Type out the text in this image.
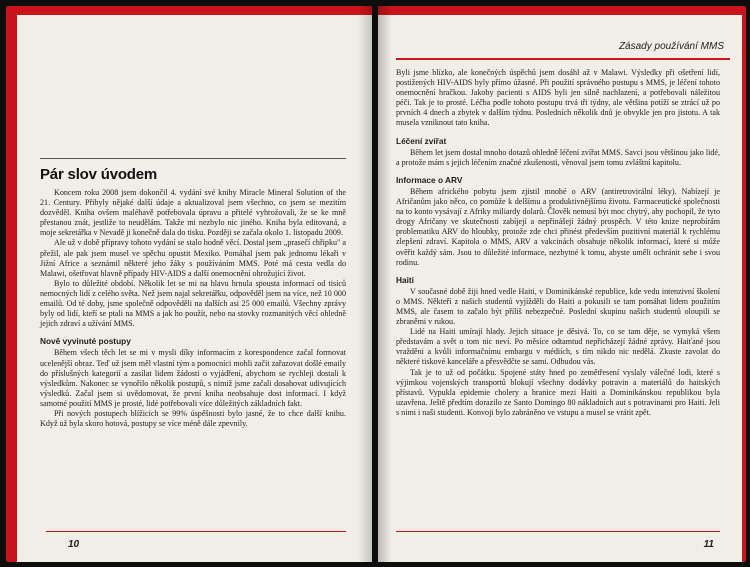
Pár slov úvodem

Koncem roku 2008 jsem dokončil 4. vydání své knihy Miracle Mineral Solution of the 21. Century. Přibyly nějaké další údaje a aktualizoval jsem všechno, co jsem se mezitím dozvěděl. Kniha ovšem maléhavě potřebovala úpravu a přitelé vyhrožovali, že se ke mně přestanou znát, jestliže to neudělám. Takže mi nezbylo nic jiného. Kniha byla editovaná, a moje sekretářka v Nevadě ji konečně dala do tisku. Později se začala okolo 1. listopadu 2009.

Ale už v době přípravy tohoto vydání se stalo hodně věcí. Dostal jsem „prasečí chřipku" a přežil, ale pak jsem musel ve spěchu opustit Mexiko. Pomáhal jsem pak jednomu lékaři v Jižní Africe a seznámil některé jeho žáky s používáním MMS. Poté má cesta vedla do Malawi, ošetřovat hlavně případy HIV-AIDS a další onemocnění ohrožující život.

Bylo to důležité období. Několik let se mi na hlavu hrnula spousta informací od tisíců nemocných lidí z celého světa. Než jsem najal sekretářku, odpověděl jsem na více, než 10 000 emailů. Od té doby, jsme společně odpověděli na dalších asi 25 000 emailů. Všechny zprávy byly od lidí, kteří se ptali na MMS a jak ho použít, nebo na stovky rozmanitých věcí ohledně jejich zdraví a užívání MMS.

Nově vyvinuté postupy

Během všech těch let se mi v mysli díky informacím z korespondence začal formovat ucelenější obraz. Teď už jsem měl vlastní tým a pomocníci mohli začít zařazovat došlé emaily do příslušných kategorií a zasílat lidem žádosti o vyjádření, abychom se rychleji dostali k výsledkům. Nakonec se vynořilo několik postupů, s nimiž jsme začali dosahovat udivujících výsledků. Začal jsem si uvědomovat, že první kniha neobsahuje dost informací. I když samotné použití MMS je prosté, lidé potřebovali více důležitých základních fakt.

Při nových postupech blížicích se 99% úspěšnosti bylo jasné, že to chce další knihu. Když už byla skoro hotová, postupy se více méně dále zpevnily.

10
Zásady používání MMS

Byli jsme blízko, ale konečných úspěchů jsem dosáhl až v Malawi. Výsledky při ošetření lidí, postižených HIV-AIDS byly přímo úžasné. Při použití správného postupu s MMS, je léčení tohoto onemocnění hračkou. Jakoby pacienti s AIDS byli jen silně nachlazení, a potřebovali náležitou péči. Tak je to prosté. Léčba podle tohoto postupu trvá tři týdny, ale většina potíží se ztrácí už po prvních 4 dnech a zbytek v dalším týdnu. Posledních několik dnů je obvykle jen pro jistotu. A tak musela vzniknout tato kniha.

Léčení zvířat

Během let jsem dostal mnoho dotazů ohledně léčení zvířat MMS. Savci jsou většinou jako lidé, a protože mám s jejich léčením značné zkušenosti, věnoval jsem tomu zvláštní kapitolu.

Informace o ARV

Během afrického pobytu jsem zjistil mnohé o ARV (antiretrovirální léky). Nabízejí je Afričanům jako něco, co pomůže k delšímu a produktivnějšímu životu. Farmaceutické společnosti na to konto vysávají z Afriky miliardy dolarů. Člověk nemusí být moc chytrý, aby pochopil, že tyto drogy Afričany ve skutečnosti zabíjejí a nepřinášejí žádný prospěch. V této knize neprobírám problematiku ARV do hloubky, protože zde chci přinést především pozitivní materiál k rychlému zlepšení zdraví. Kapitola o MMS, ARV a vakcinách obsahuje několik informací, které si může ověřit každý sám. Jsou to důležité informace, nezbytné k tomu, abyste uměli ochránit sebe i svou rodinu.

Haiti

V současné době žiji hned vedle Haiti, v Dominikánské republice, kde vedu intenzivní školení o MMS. Někteří z našich studentů vyjížděli do Haiti a pokusili se tam pomáhat lidem použitím MMS, ale časem to začalo být příliš nebezpečné. Poslední skupinu našich studentů oloupili se zbraněmi v rukou.

Lidé na Haiti umírají hlady. Jejich situace je děsivá. To, co se tam děje, se vymyká všem představám a svět o tom nic neví. Po měsíce odtamtud nepřicházejí žádné zprávy. Haiťané jsou vražděni a kvůli informačnímu embargu v médiích, s tím nikdo nic nedělá. Zkuste zavolat do některé tiskové kanceláře a přesvědčte se sami. Odbudou vás.

Tak je to už od počátku. Spojené státy hned po zemětřesení vyslaly válečné lodi, které s výjimkou vojenských transportů blokují všechny dodávky potravin a materiálů do haitských přístavů. Vypukla epidemie cholery a hranice mezi Haiti a Dominikánskou republikou byla uzavřena. Ještě předtím dorazilo ze Santo Domingo 80 nákladních aut s potravinami pro Haiti. Jeli s nimi i naši studenti. Konvoji bylo zabráněno ve vstupu a musel se vrátit zpět.

11
